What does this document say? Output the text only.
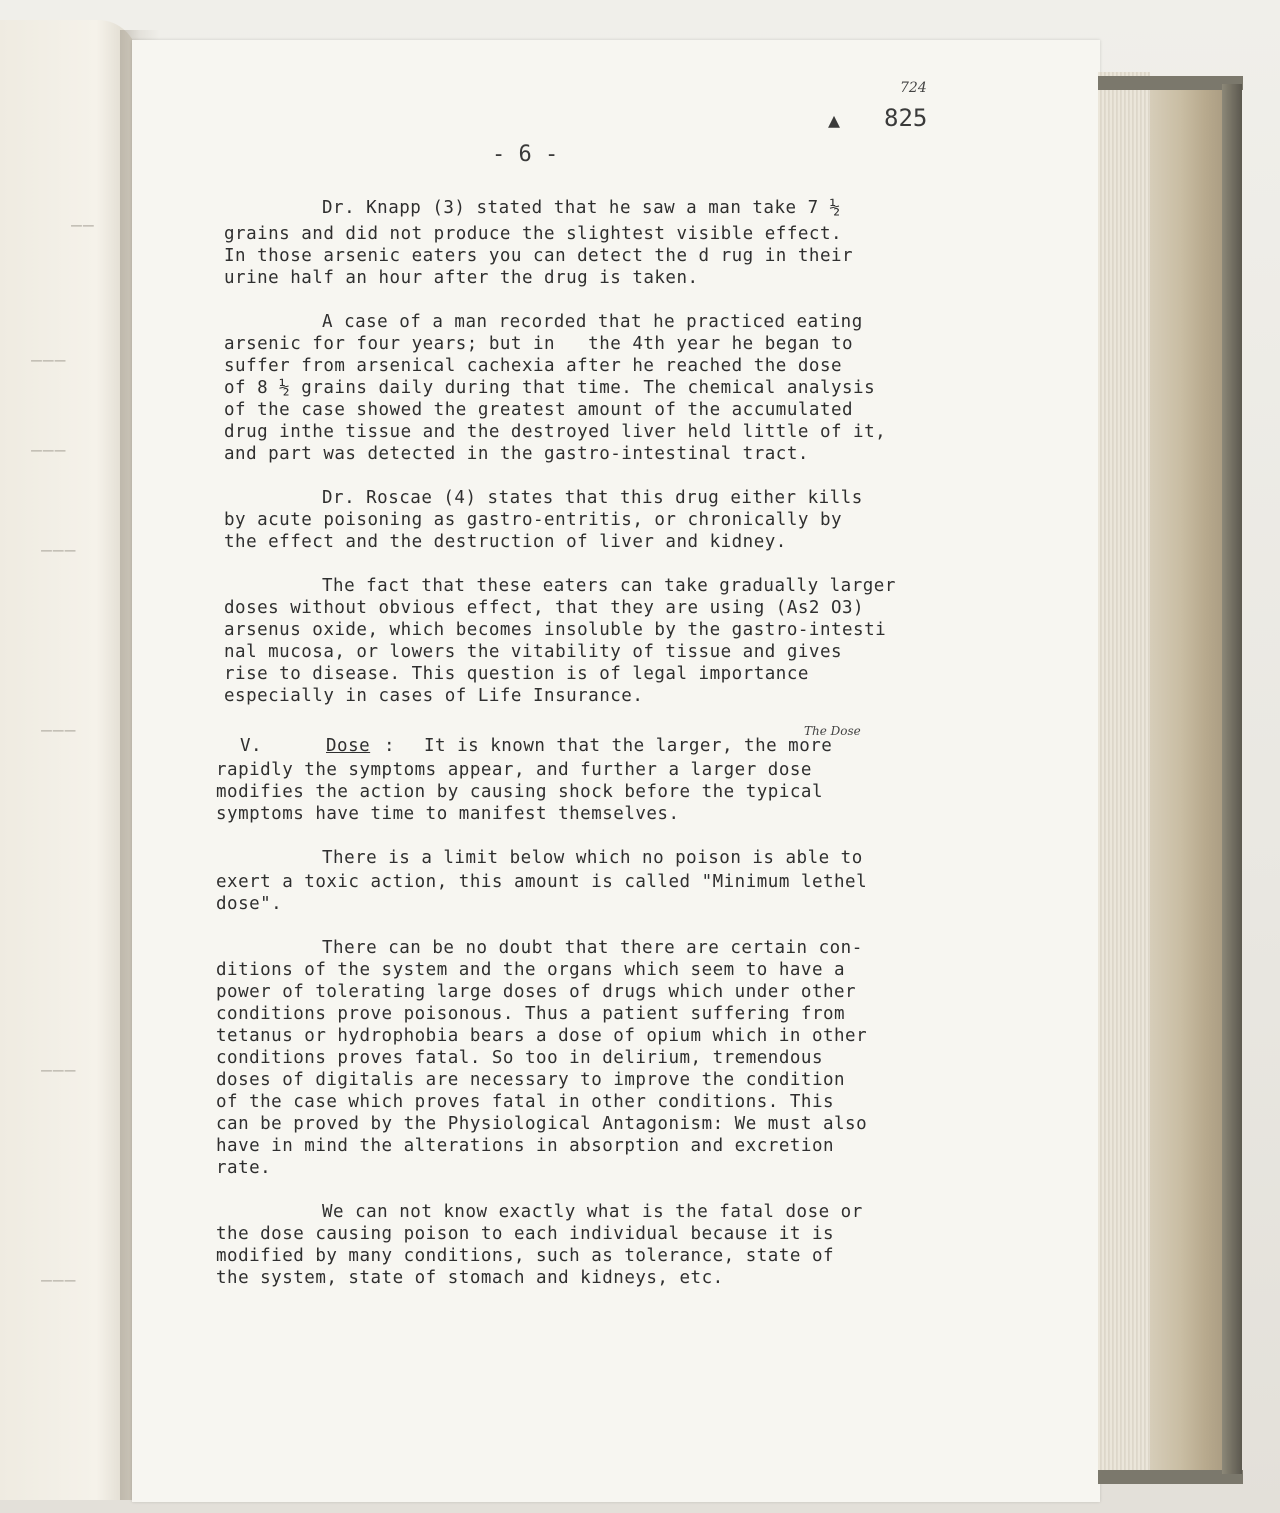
——
———
———
———
———
———
———
724
▲ 825
- 6 -
Dr. Knapp (3) stated that he saw a man take 7 ½
grains and did not produce the slightest visible effect.
In those arsenic eaters you can detect the d rug in their
urine half an hour after the drug is taken.
A case of a man recorded that he practiced eating
arsenic for four years; but in   the 4th year he began to
suffer from arsenical cachexia after he reached the dose
of 8 ½ grains daily during that time. The chemical analysis
of the case showed the greatest amount of the accumulated
drug inthe tissue and the destroyed liver held little of it,
and part was detected in the gastro-intestinal tract.
Dr. Roscae (4) states that this drug either kills
by acute poisoning as gastro-entritis, or chronically by
the effect and the destruction of liver and kidney.
The fact that these eaters can take gradually larger
doses without obvious effect, that they are using (As2 O3)
arsenus oxide, which becomes insoluble by the gastro-intesti
nal mucosa, or lowers the vitability of tissue and gives
rise to disease. This question is of legal importance
especially in cases of Life Insurance.
It is known that the larger, the more
rapidly the symptoms appear, and further a larger dose
modifies the action by causing shock before the typical
symptoms have time to manifest themselves.
There is a limit below which no poison is able to
exert a toxic action, this amount is called "Minimum lethel
dose".
There can be no doubt that there are certain con-
ditions of the system and the organs which seem to have a
power of tolerating large doses of drugs which under other
conditions prove poisonous. Thus a patient suffering from
tetanus or hydrophobia bears a dose of opium which in other
conditions proves fatal. So too in delirium, tremendous
doses of digitalis are necessary to improve the condition
of the case which proves fatal in other conditions. This
can be proved by the Physiological Antagonism: We must also
have in mind the alterations in absorption and excretion
rate.
We can not know exactly what is the fatal dose or
the dose causing poison to each individual because it is
modified by many conditions, such as tolerance, state of
the system, state of stomach and kidneys, etc.
V.	Dose :
The Dose
